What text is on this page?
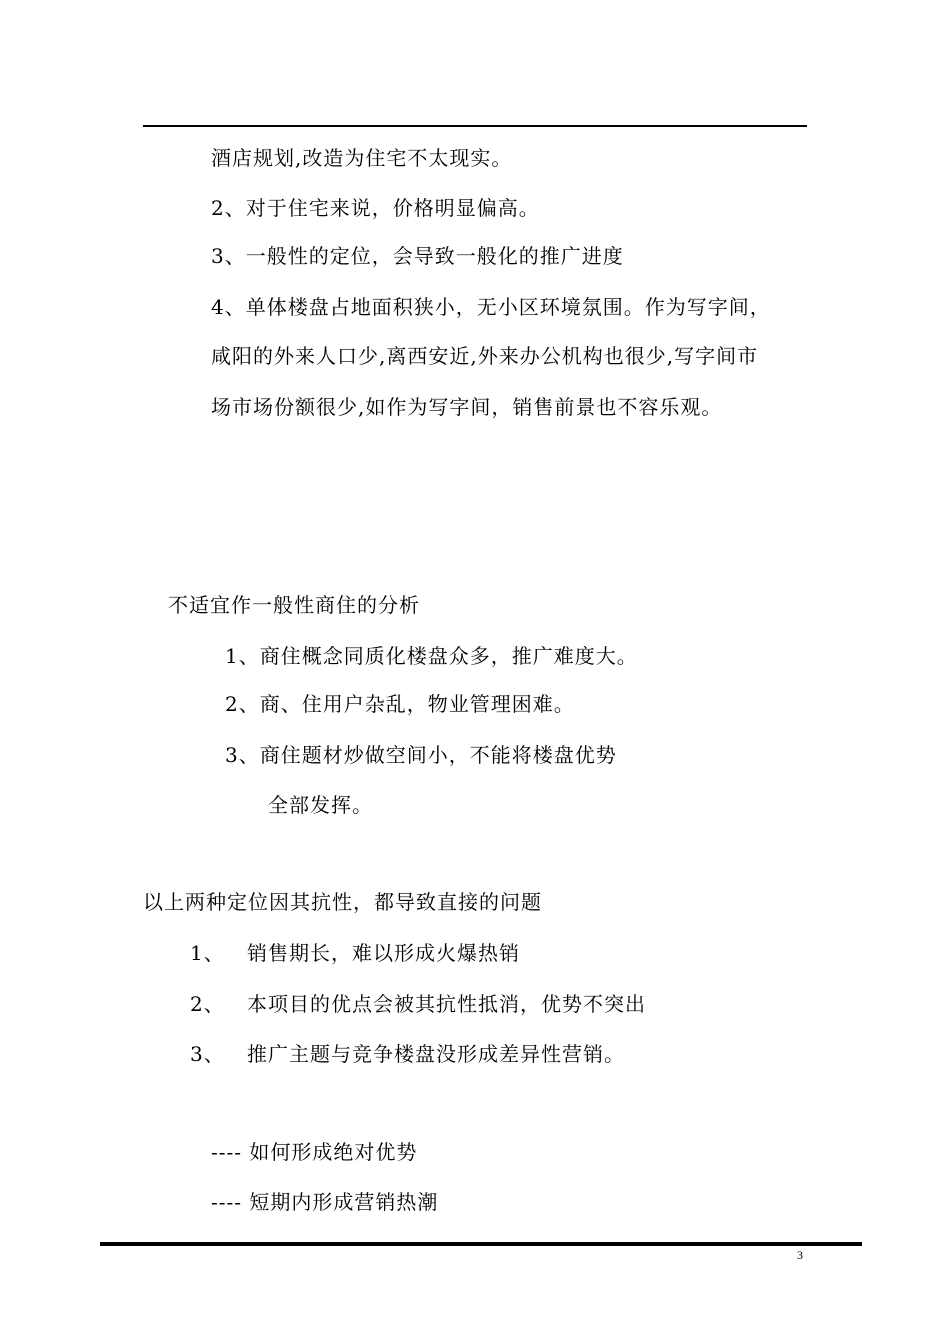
酒店规划,改造为住宅不太现实。
2、对于住宅来说，价格明显偏高。
3、一般性的定位，会导致一般化的推广进度
4、单体楼盘占地面积狭小，无小区环境氛围。作为写字间，
咸阳的外来人口少,离西安近,外来办公机构也很少,写字间市
场市场份额很少,如作为写字间，销售前景也不容乐观。
不适宜作一般性商住的分析
1、商住概念同质化楼盘众多，推广难度大。
2、商、住用户杂乱，物业管理困难。
3、商住题材炒做空间小，不能将楼盘优势
全部发挥。
以上两种定位因其抗性，都导致直接的问题
1、 销售期长，难以形成火爆热销
2、 本项目的优点会被其抗性抵消，优势不突出
3、 推广主题与竞争楼盘没形成差异性营销。
---- 如何形成绝对优势
---- 短期内形成营销热潮
3
